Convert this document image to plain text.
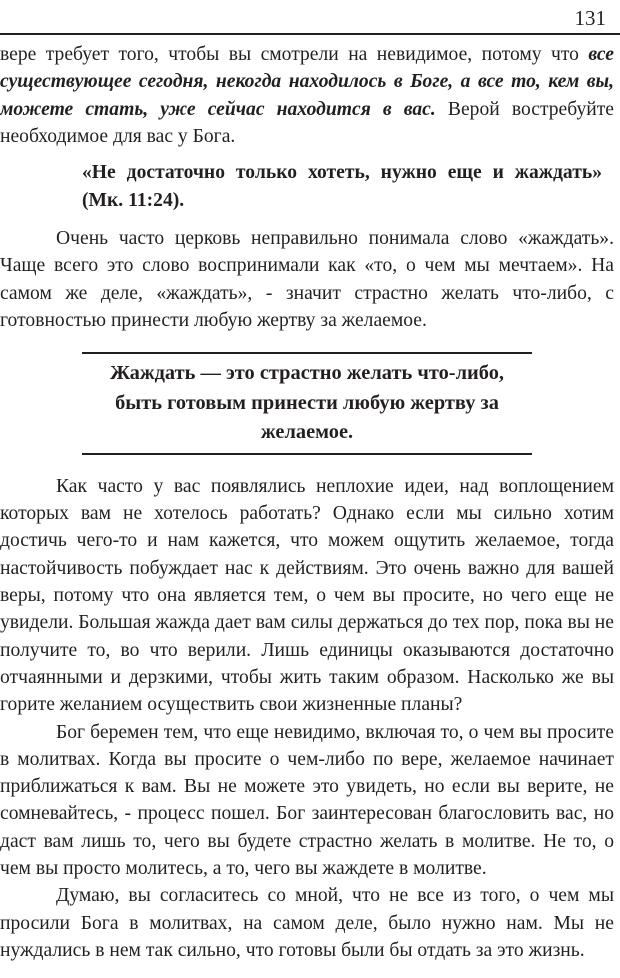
131

вере требует того, чтобы вы смотрели на невидимое, потому что все существующее сегодня, некогда находилось в Боге, а все то, кем вы, можете стать, уже сейчас находится в вас. Верой востребуйте необходимое для вас у Бога.

«Не достаточно только хотеть, нужно еще и жаждать» (Мк. 11:24).

Очень часто церковь неправильно понимала слово «жаждать». Чаще всего это слово воспринимали как «то, о чем мы мечтаем». На самом же деле, «жаждать», - значит страстно желать что-либо, с готовностью принести любую жертву за желаемое.

Жаждать — это страстно желать что-либо,
быть готовым принести любую жертву за
желаемое.

Как часто у вас появлялись неплохие идеи, над воплощением которых вам не хотелось работать? Однако если мы сильно хотим достичь чего-то и нам кажется, что можем ощутить желаемое, тогда настойчивость побуждает нас к действиям. Это очень важно для вашей веры, потому что она является тем, о чем вы просите, но чего еще не увидели. Большая жажда дает вам силы держаться до тех пор, пока вы не получите то, во что верили. Лишь единицы оказываются достаточно отчаянными и дерзкими, чтобы жить таким образом. Насколько же вы горите желанием осуществить свои жизненные планы?

Бог беремен тем, что еще невидимо, включая то, о чем вы просите в молитвах. Когда вы просите о чем-либо по вере, желаемое начинает приближаться к вам. Вы не можете это увидеть, но если вы верите, не сомневайтесь, - процесс пошел. Бог заинтересован благословить вас, но даст вам лишь то, чего вы будете страстно желать в молитве. Не то, о чем вы просто молитесь, а то, чего вы жаждете в молитве.

Думаю, вы согласитесь со мной, что не все из того, о чем мы просили Бога в молитвах, на самом деле, было нужно нам. Мы не нуждались в нем так сильно, что готовы были бы отдать за это жизнь.
